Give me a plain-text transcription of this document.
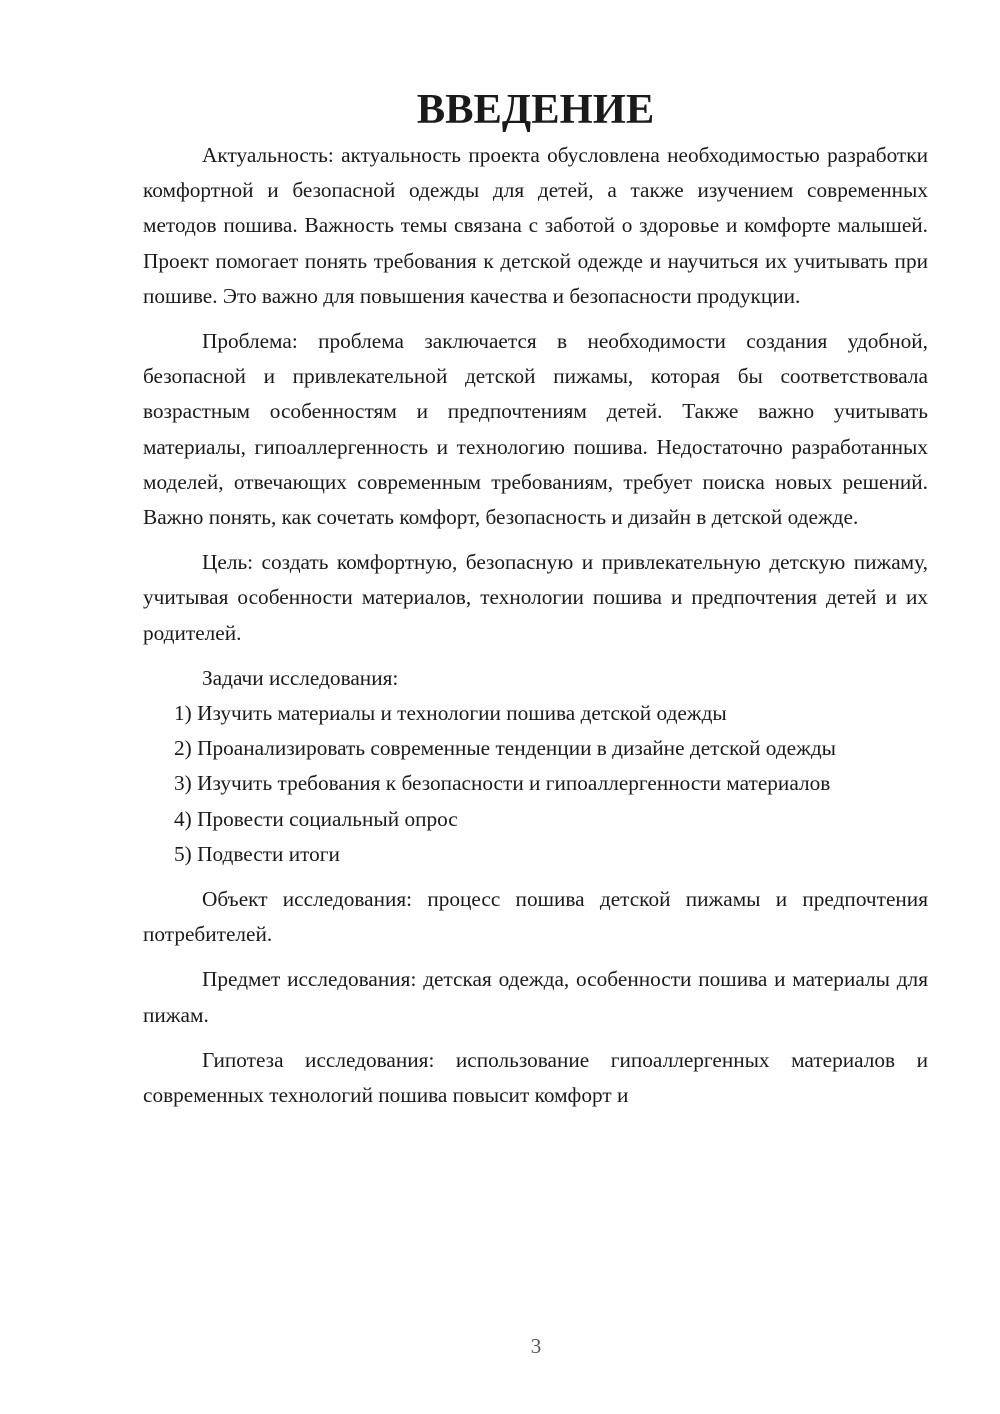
ВВЕДЕНИЕ

Актуальность: актуальность проекта обусловлена необходимостью разработки комфортной и безопасной одежды для детей, а также изучением современных методов пошива. Важность темы связана с заботой о здоровье и комфорте малышей. Проект помогает понять требования к детской одежде и научиться их учитывать при пошиве. Это важно для повышения качества и безопасности продукции.

Проблема: проблема заключается в необходимости создания удобной, безопасной и привлекательной детской пижамы, которая бы соответствовала возрастным особенностям и предпочтениям детей. Также важно учитывать материалы, гипоаллергенность и технологию пошива. Недостаточно разработанных моделей, отвечающих современным требованиям, требует поиска новых решений. Важно понять, как сочетать комфорт, безопасность и дизайн в детской одежде.

Цель: создать комфортную, безопасную и привлекательную детскую пижаму, учитывая особенности материалов, технологии пошива и предпочтения детей и их родителей.

Задачи исследования:

1) Изучить материалы и технологии пошива детской одежды

2) Проанализировать современные тенденции в дизайне детской одежды

3) Изучить требования к безопасности и гипоаллергенности материалов

4) Провести социальный опрос

5) Подвести итоги

Объект исследования: процесс пошива детской пижамы и предпочтения потребителей.

Предмет исследования: детская одежда, особенности пошива и материалы для пижам.

Гипотеза исследования: использование гипоаллергенных материалов и современных технологий пошива повысит комфорт и

3
